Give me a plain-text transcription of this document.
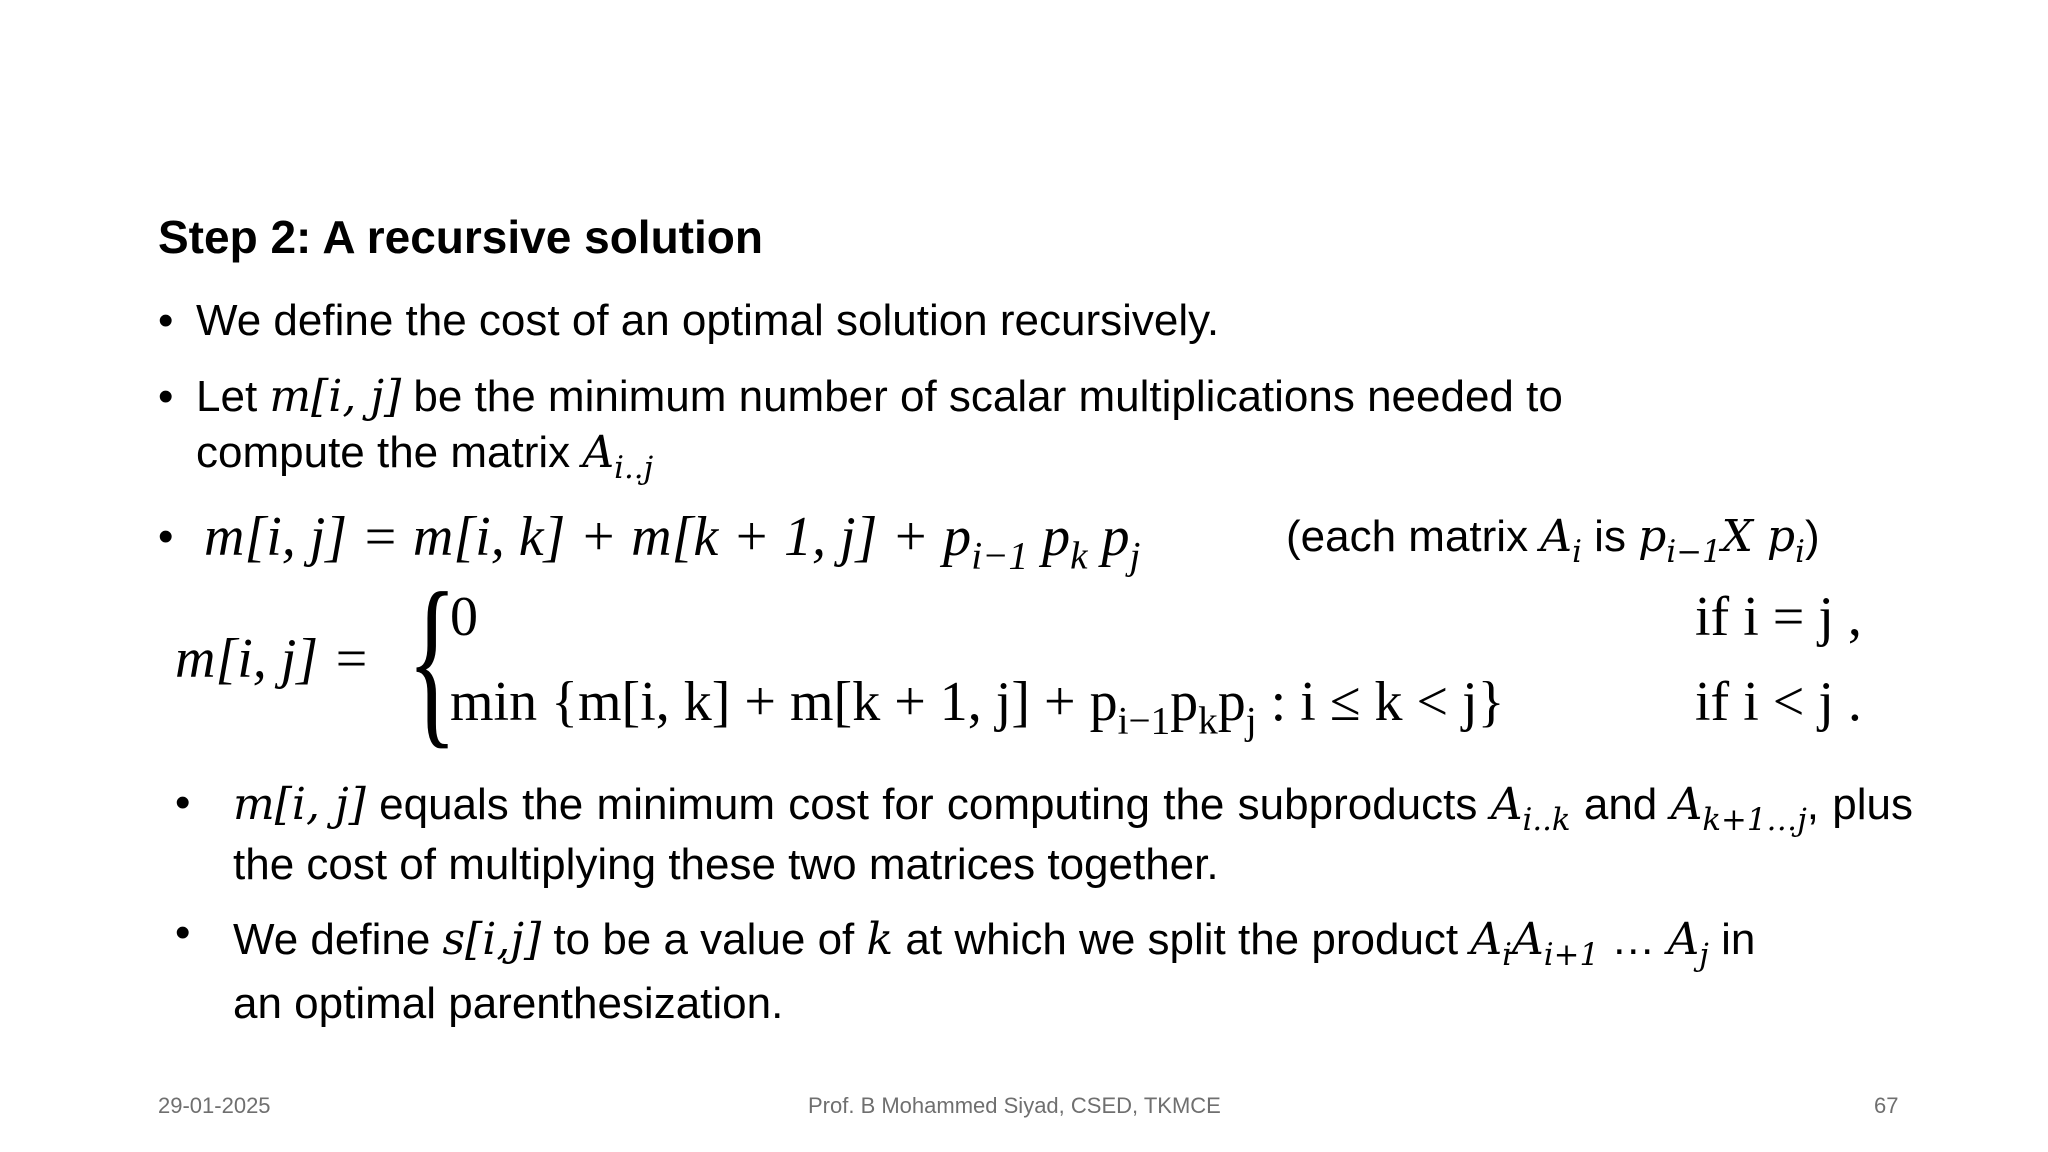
Step 2: A recursive solution
• We define the cost of an optimal solution recursively.
• Let m[i, j] be the minimum number of scalar multiplications needed to
compute the matrix $A_{i..j}$
• m[i, j] = m[i, k] + m[k + 1, $j] + p_{i-1}$ $p_k$ $p_j$	(each matrix $A_i$ is $p_{i-1}X$ $p_i$)
m[i, j] = {
0
min {m[i, k] + m[k + 1, $j] + p_{i-1}p_kp_j$ : i ≤ k < j}
if i = j ,
if i < j .
• m[i, j] equals the minimum cost for computing the subproducts $A_{i..k}$ and $A_{k+1\dots j}$, plus the cost of multiplying these two matrices together.
• We define s[i,j] to be a value of k at which we split the product $A_iA_{i+1}$ … $A_j$ in
an optimal parenthesization.
29-01-2025	Prof. B Mohammed Siyad, CSED, TKMCE	67
